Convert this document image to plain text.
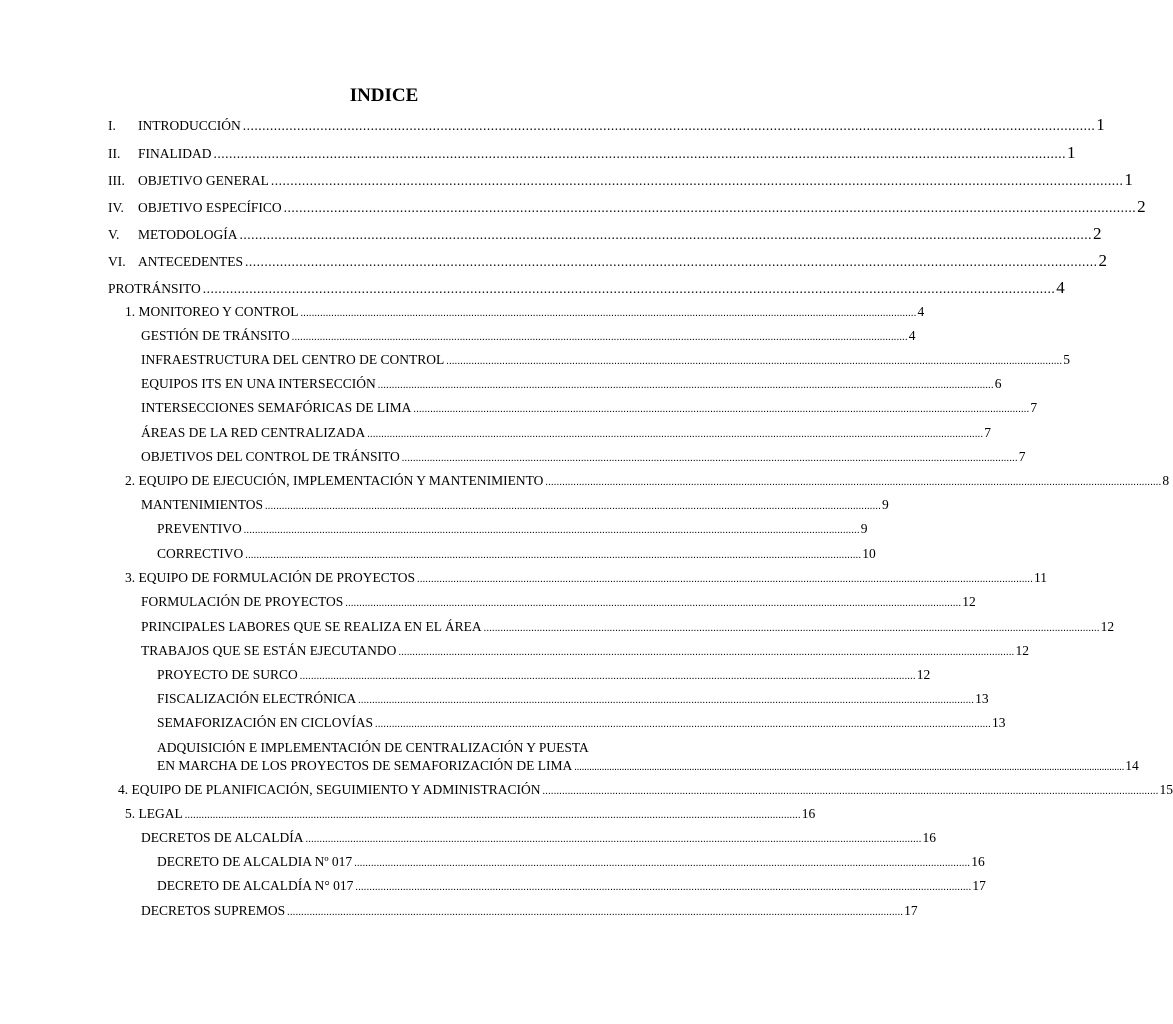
INDICE
I.	INTRODUCCIÓN ............................................................................................................................................................................................................................ 1
II.	FINALIDAD ............................................................................................................................................................................................................................ 1
III. OBJETIVO GENERAL ............................................................................................................................................................................................................................ 1
IV.	OBJETIVO ESPECÍFICO ............................................................................................................................................................................................................................ 2
V.	METODOLOGÍA ............................................................................................................................................................................................................................ 2
VI. ANTECEDENTES ............................................................................................................................................................................................................................ 2
PROTRÁNSITO ............................................................................................................................................................................................................................ 4
1. MONITOREO Y CONTROL ............................................................................................................................................................................................................................ 4
GESTIÓN DE TRÁNSITO ............................................................................................................................................................................................................................ 4
INFRAESTRUCTURA DEL CENTRO DE CONTROL ............................................................................................................................................................................................................................ 5
EQUIPOS ITS EN UNA INTERSECCIÓN ............................................................................................................................................................................................................................ 6
INTERSECCIONES SEMAFÓRICAS DE LIMA ............................................................................................................................................................................................................................ 7
ÁREAS DE LA RED CENTRALIZADA ............................................................................................................................................................................................................................ 7
OBJETIVOS DEL CONTROL DE TRÁNSITO ............................................................................................................................................................................................................................ 7
2. EQUIPO DE EJECUCIÓN, IMPLEMENTACIÓN Y MANTENIMIENTO ............................................................................................................................................................................................................................ 8
MANTENIMIENTOS ............................................................................................................................................................................................................................ 9
PREVENTIVO ............................................................................................................................................................................................................................ 9
CORRECTIVO ............................................................................................................................................................................................................................ 10
3. EQUIPO DE FORMULACIÓN DE PROYECTOS ............................................................................................................................................................................................................................ 11
FORMULACIÓN DE PROYECTOS ............................................................................................................................................................................................................................ 12
PRINCIPALES LABORES QUE SE REALIZA EN EL ÁREA ............................................................................................................................................................................................................................ 12
TRABAJOS QUE SE ESTÁN EJECUTANDO ............................................................................................................................................................................................................................ 12
PROYECTO DE SURCO ............................................................................................................................................................................................................................ 12
FISCALIZACIÓN ELECTRÓNICA ............................................................................................................................................................................................................................ 13
SEMAFORIZACIÓN EN CICLOVÍAS ............................................................................................................................................................................................................................ 13
ADQUISICIÓN E IMPLEMENTACIÓN DE CENTRALIZACIÓN Y PUESTA
EN MARCHA DE LOS PROYECTOS DE SEMAFORIZACIÓN DE LIMA ............................................................................................................................................................................................................................ 14
4. EQUIPO DE PLANIFICACIÓN, SEGUIMIENTO Y ADMINISTRACIÓN ............................................................................................................................................................................................................................ 15
5. LEGAL ............................................................................................................................................................................................................................ 16
DECRETOS DE ALCALDÍA ............................................................................................................................................................................................................................ 16
DECRETO DE ALCALDIA Nº 017 ............................................................................................................................................................................................................................ 16
DECRETO DE ALCALDÍA N° 017 ............................................................................................................................................................................................................................ 17
DECRETOS SUPREMOS ............................................................................................................................................................................................................................ 17
